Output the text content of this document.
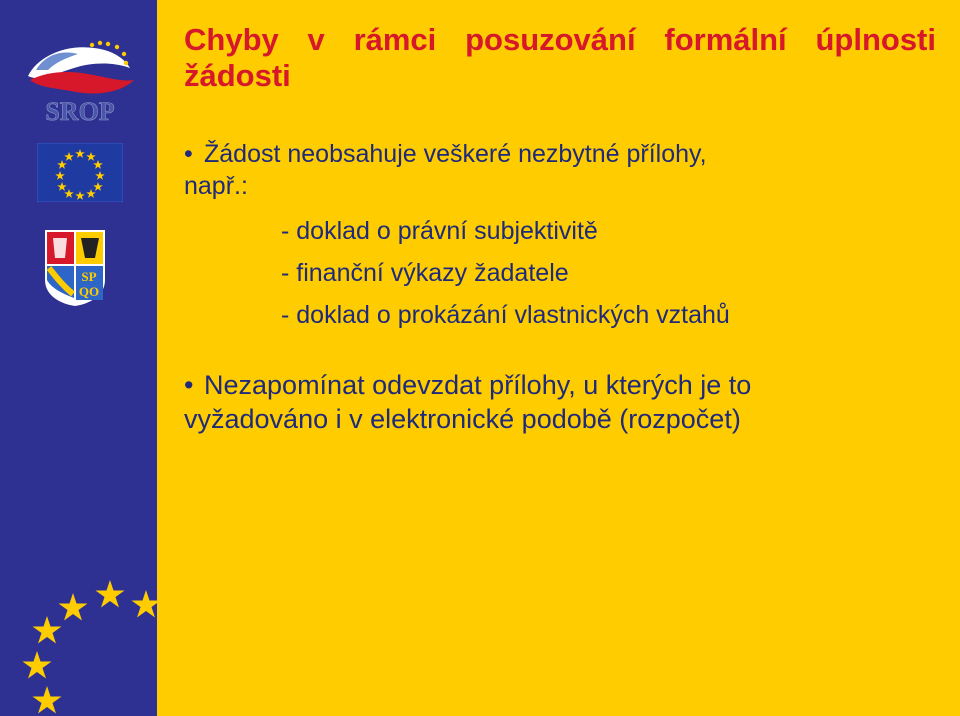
SROP
SP
QO
Chyby v rámci posuzování formální úplnosti žádosti

• Žádost neobsahuje veškeré nezbytné přílohy,
např.:

- doklad o právní subjektivitě

- finanční výkazy žadatele

- doklad o prokázání vlastnických vztahů

• Nezapomínat odevzdat přílohy, u kterých je to
vyžadováno i v elektronické podobě (rozpočet)
